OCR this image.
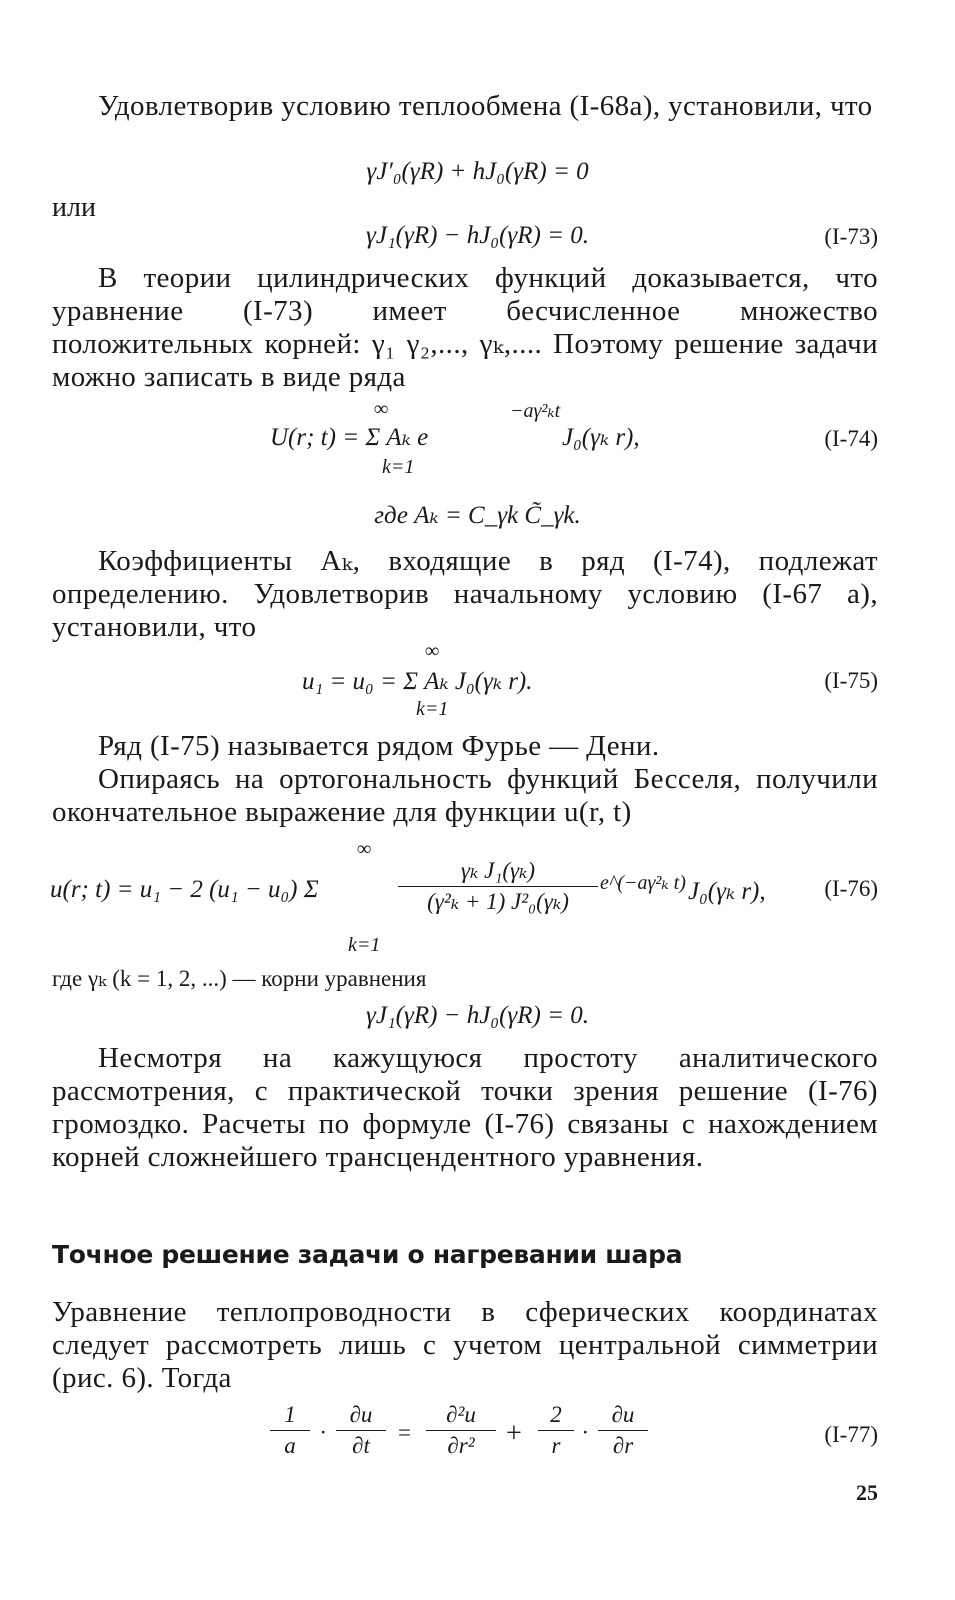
Удовлетворив условию теплообмена (I-68а), установили, что

γJ′₀(γR) + hJ₀(γR) = 0
или
γJ₁(γR) − hJ₀(γR) = 0.	(I-73)

В теории цилиндрических функций доказывается, что уравнение (I-73) имеет бесчисленное множество положительных корней: γ₁ γ₂,..., γₖ,.... Поэтому решение задачи можно записать в виде ряда

∞	−aγ²ₖt
U(r; t) = Σ Aₖ e	J₀(γₖ r),
k=1
(I-74)
где Aₖ = C_γk C̃_γk.

Коэффициенты Aₖ, входящие в ряд (I-74), подлежат определению. Удовлетворив начальному условию (I-67 а), установили, что

∞
u₁ = u₀ = Σ Aₖ J₀(γₖ r).
k=1
(I-75)

Ряд (I-75) называется рядом Фурье — Дени.

Опираясь на ортогональность функций Бесселя, получили окончательное выражение для функции u(r, t)

∞
u(r; t) = u₁ − 2 (u₁ − u₀) Σ
γₖ J₁(γₖ)
(γ²ₖ + 1) J²₀(γₖ)
e^(−aγ²ₖ t) J₀(γₖ r),
k=1
(I-76)

где γₖ (k = 1, 2, ...) — корни уравнения

γJ₁(γR) − hJ₀(γR) = 0.

Несмотря на кажущуюся простоту аналитического рассмотрения, с практической точки зрения решение (I-76) громоздко. Расчеты по формуле (I-76) связаны с нахождением корней сложнейшего трансцендентного уравнения.

Точное решение задачи о нагревании шара

Уравнение теплопроводности в сферических координатах следует рассмотреть лишь с учетом центральной симметрии (рис. 6). Тогда

1
a
·
∂u
∂t
=
∂²u
∂r²	+
2
r
·
∂u
∂r	(I-77)
25
